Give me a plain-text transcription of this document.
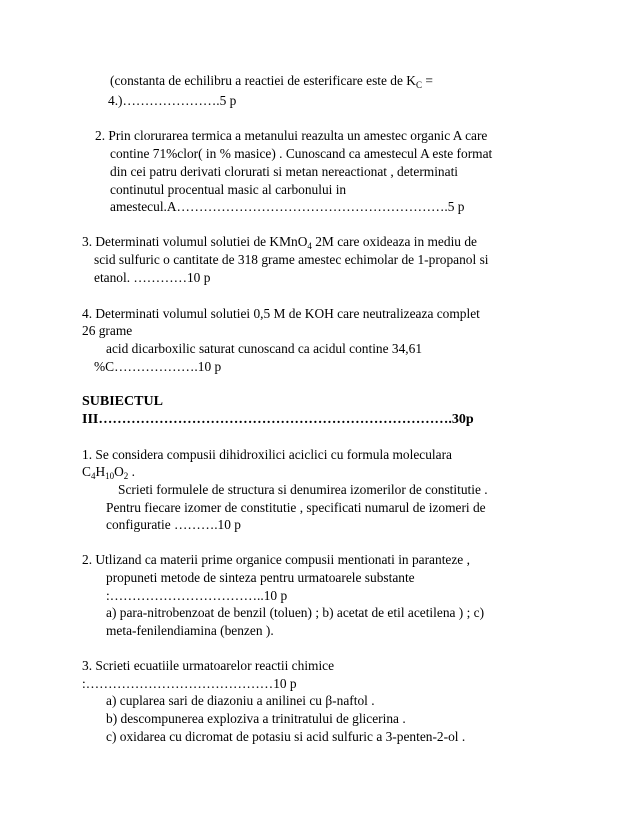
(constanta de echilibru a reactiei de esterificare este de $K_C$ =
4.)………………….5 p
2. Prin clorurarea termica a metanului reazulta un amestec organic A care
contine 71%clor( in % masice) . Cunoscand ca amestecul A este format
din cei patru derivati clorurati si metan nereactionat , determinati
continutul procentual masic al carbonului in
amestecul.A…………………………………………………….5 p
3. Determinati volumul solutiei de KMnO$_4$ 2M care oxideaza in mediu de
scid sulfuric o cantitate de 318 grame amestec echimolar de 1-propanol si
etanol. …………10 p
4. Determinati volumul solutiei 0,5 M de KOH care neutralizeaza complet
26 grame
acid dicarboxilic saturat cunoscand ca acidul contine 34,61
%C……………….10 p
SUBIECTUL
III………………………………………………………………….30p
1. Se considera compusii dihidroxilici aciclici cu formula moleculara
$C_4H_{10}O_2$ .
Scrieti formulele de structura si denumirea izomerilor de constitutie .
Pentru fiecare izomer de constitutie , specificati numarul de izomeri de
configuratie ……….10 p
2. Utlizand ca materii prime organice compusii mentionati in paranteze ,
propuneti metode de sinteza pentru urmatoarele substante
:……………………………..10 p
a) para-nitrobenzoat de benzil (toluen) ; b) acetat de etil acetilena ) ; c)
meta-fenilendiamina (benzen ).
3. Scrieti ecuatiile urmatoarelor reactii chimice
:……………………………………10 p
a) cuplarea sari de diazoniu a anilinei cu β-naftol .
b) descompunerea exploziva a trinitratului de glicerina .
c) oxidarea cu dicromat de potasiu si acid sulfuric a 3-penten-2-ol .
